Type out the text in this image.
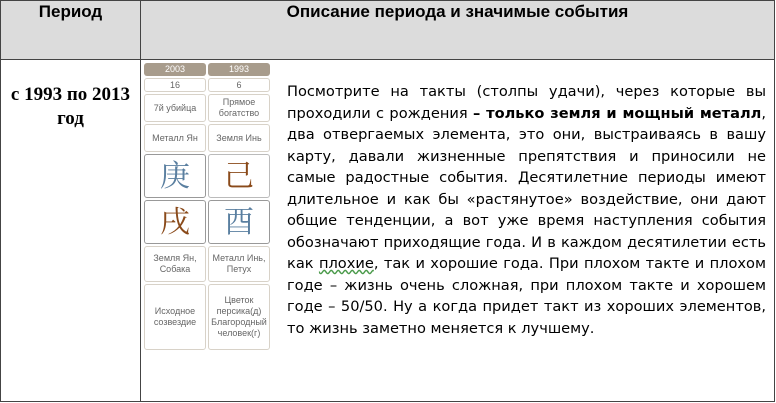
Период	Описание периода и значимые события
с 1993 по 2013 год
2003
16
7й убийца
Металл Ян
庚
戌
Земля Ян, Собака
Исходное созвездие
1993
6
Прямое богатство
Земля Инь
己
酉
Металл Инь, Петух
Цветок персика(д)
Благородный человек(г)
Посмотрите на такты (столпы удачи), через которые вы проходили с рождения – только земля и мощный металл, два отвергаемых элемента, это они, выстраиваясь в вашу карту, давали жизненные препятствия и приносили не самые радостные события. Десятилетние периоды имеют длительное и как бы «растянутое» воздействие, они дают общие тенденции, а вот уже время наступления события обозначают приходящие года. И в каждом десятилетии есть как плохие, так и хорошие года. При плохом такте и плохом годе – жизнь очень сложная, при плохом такте и хорошем годе – 50/50. Ну а когда придет такт из хороших элементов, то жизнь заметно меняется к лучшему.
